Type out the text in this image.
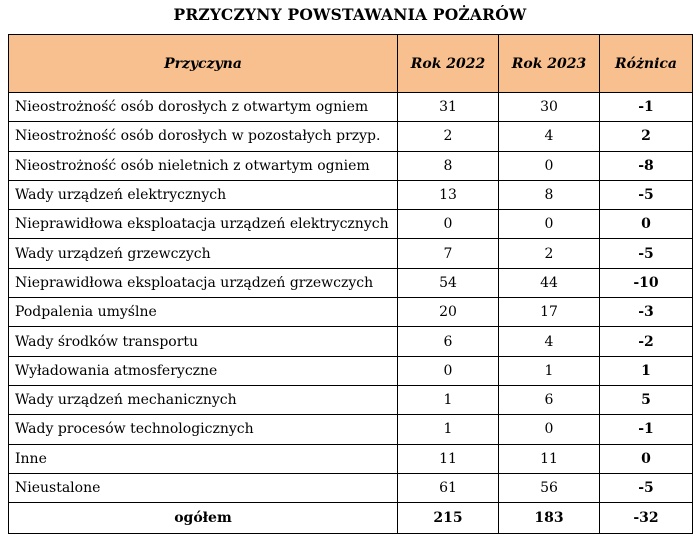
PRZYCZYNY POWSTAWANIA POŻARÓW
Przyczyna	Rok 2022	Rok 2023	Różnica
Nieostrożność osób dorosłych z otwartym ogniem	31	30	-1
Nieostrożność osób dorosłych w pozostałych przyp.	2	4	2
Nieostrożność osób nieletnich z otwartym ogniem	8	0	-8
Wady urządzeń elektrycznych	13	8	-5
Nieprawidłowa eksploatacja urządzeń elektrycznych	0	0	0
Wady urządzeń grzewczych	7	2	-5
Nieprawidłowa eksploatacja urządzeń grzewczych	54	44	-10
Podpalenia umyślne	20	17	-3
Wady środków transportu	6	4	-2
Wyładowania atmosferyczne	0	1	1
Wady urządzeń mechanicznych	1	6	5
Wady procesów technologicznych	1	0	-1
Inne	11	11	0
Nieustalone	61	56	-5
ogółem	215	183	-32
